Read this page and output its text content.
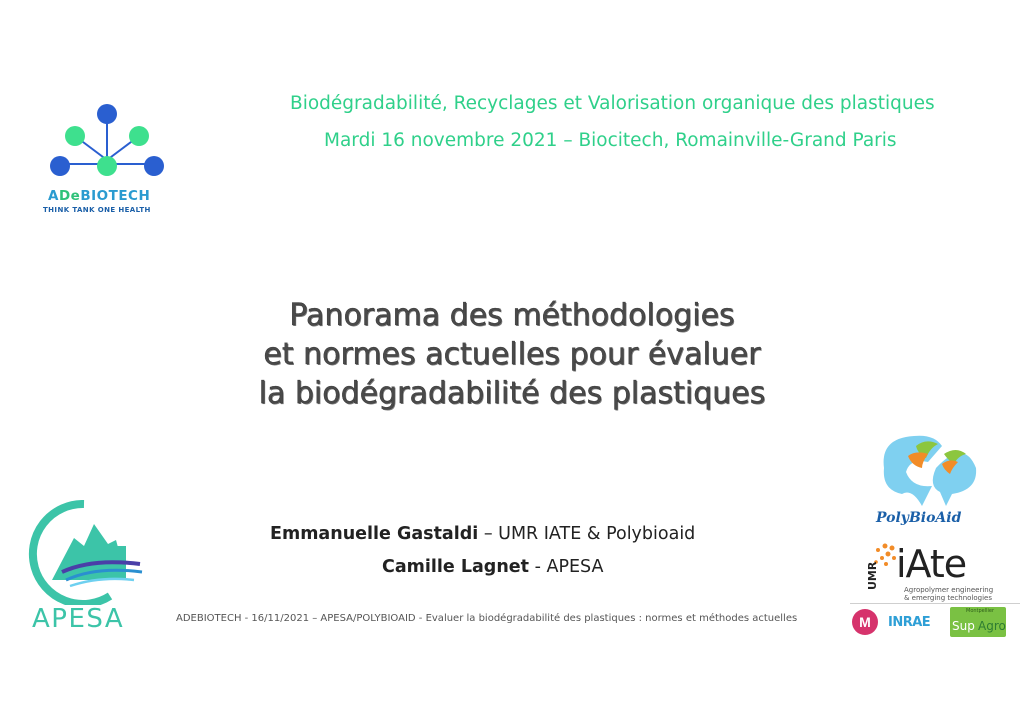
ADeBIOTECH
THINK TANK ONE HEALTH
Biodégradabilité, Recyclages et Valorisation organique des plastiques
Mardi 16 novembre 2021 – Biocitech, Romainville-Grand Paris
Panorama des méthodologies
et normes actuelles pour évaluer
la biodégradabilité des plastiques
Emmanuelle Gastaldi – UMR IATE & Polybioaid
Camille Lagnet - APESA
APESA	ADEBIOTECH - 16/11/2021 – APESA/POLYBIOAID - Evaluer la biodégradabilité des plastiques : normes et méthodes actuelles
PolyBioAid
UMR iAte
Agropolymer engineering
& emerging technologies
M	INRAE Sup Agro
Montpellier
